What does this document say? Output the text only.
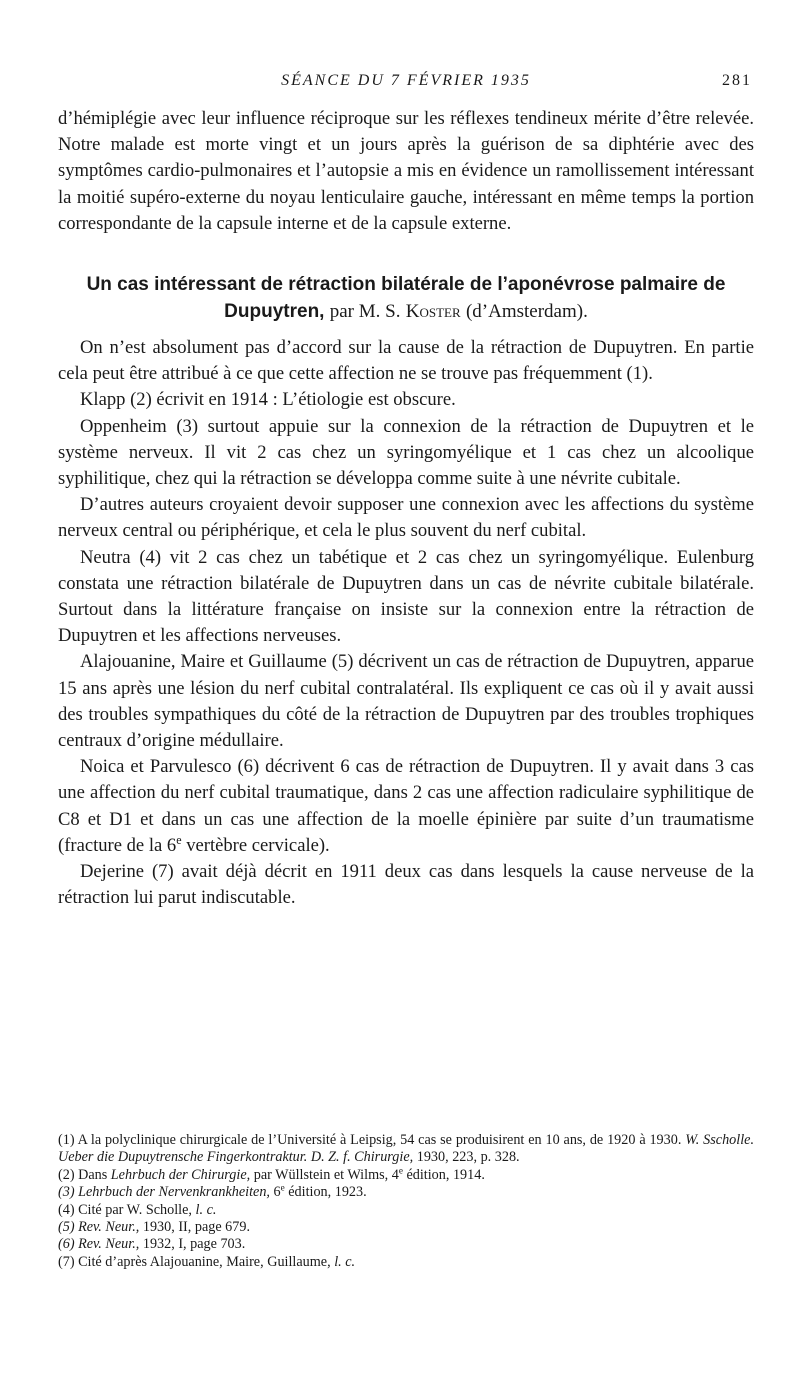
SÉANCE DU 7 FÉVRIER 1935	281

d’hémiplégie avec leur influence réciproque sur les réflexes tendineux mérite d’être relevée. Notre malade est morte vingt et un jours après la guérison de sa diphtérie avec des symptômes cardio-pulmonaires et l’autopsie a mis en évidence un ramollissement intéressant la moitié supéro-externe du noyau lenticulaire gauche, intéressant en même temps la portion correspondante de la capsule interne et de la capsule externe.

Un cas intéressant de rétraction bilatérale de l’aponévrose palmaire de Dupuytren, par M. S. Koster (d’Amsterdam).

On n’est absolument pas d’accord sur la cause de la rétraction de Dupuytren. En partie cela peut être attribué à ce que cette affection ne se trouve pas fréquemment (1).

Klapp (2) écrivit en 1914 : L’étiologie est obscure.

Oppenheim (3) surtout appuie sur la connexion de la rétraction de Dupuytren et le système nerveux. Il vit 2 cas chez un syringomyélique et 1 cas chez un alcoolique syphilitique, chez qui la rétraction se développa comme suite à une névrite cubitale.

D’autres auteurs croyaient devoir supposer une connexion avec les affections du système nerveux central ou périphérique, et cela le plus souvent du nerf cubital.

Neutra (4) vit 2 cas chez un tabétique et 2 cas chez un syringomyélique. Eulenburg constata une rétraction bilatérale de Dupuytren dans un cas de névrite cubitale bilatérale. Surtout dans la littérature française on insiste sur la connexion entre la rétraction de Dupuytren et les affections nerveuses.

Alajouanine, Maire et Guillaume (5) décrivent un cas de rétraction de Dupuytren, apparue 15 ans après une lésion du nerf cubital contralatéral. Ils expliquent ce cas où il y avait aussi des troubles sympathiques du côté de la rétraction de Dupuytren par des troubles trophiques centraux d’origine médullaire.

Noica et Parvulesco (6) décrivent 6 cas de rétraction de Dupuytren. Il y avait dans 3 cas une affection du nerf cubital traumatique, dans 2 cas une affection radiculaire syphilitique de C8 et D1 et dans un cas une affection de la moelle épinière par suite d’un traumatisme (fracture de la 6e vertèbre cervicale).

Dejerine (7) avait déjà décrit en 1911 deux cas dans lesquels la cause nerveuse de la rétraction lui parut indiscutable.

(1) A la polyclinique chirurgicale de l’Université à Leipsig, 54 cas se produisirent en 10 ans, de 1920 à 1930. W. Sscholle. Ueber die Dupuytrensche Fingerkontraktur. D. Z. f. Chirurgie, 1930, 223, p. 328.
(2) Dans Lehrbuch der Chirurgie, par Wüllstein et Wilms, 4e édition, 1914.
(3) Lehrbuch der Nervenkrankheiten, 6e édition, 1923.
(4) Cité par W. Scholle, l. c.
(5) Rev. Neur., 1930, II, page 679.
(6) Rev. Neur., 1932, I, page 703.
(7) Cité d’après Alajouanine, Maire, Guillaume, l. c.
